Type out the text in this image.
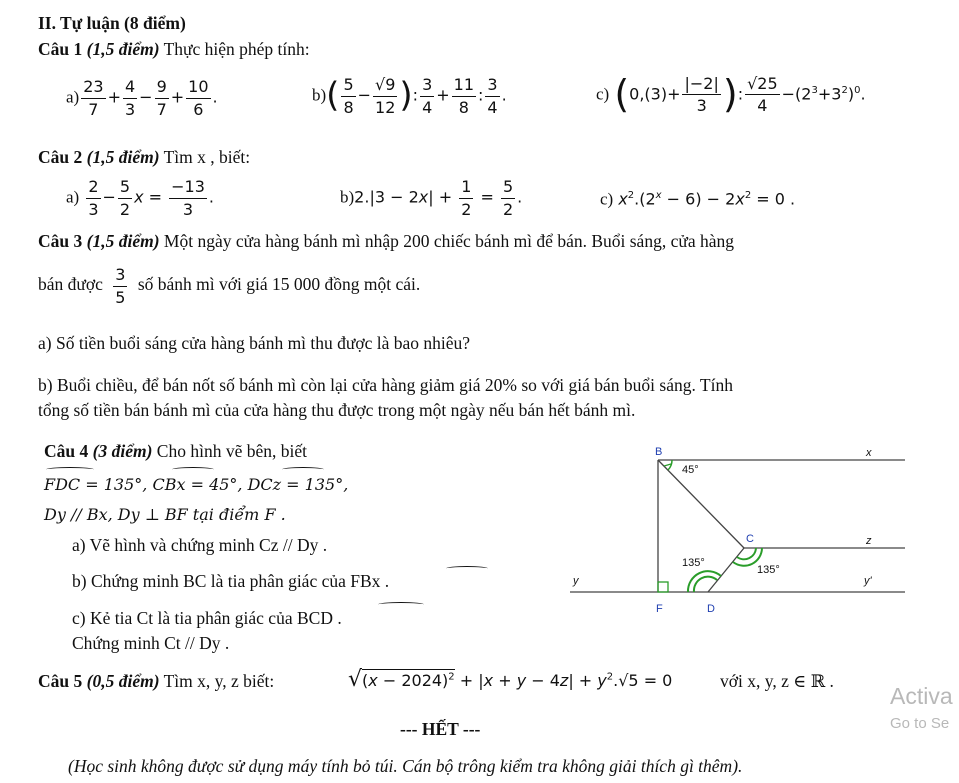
II. Tự luận (8 điểm)
Câu 1 (1,5 điểm) Thực hiện phép tính:
$a) \frac{23}{7} + \frac{4}{3} - \frac{9}{7} + \frac{10}{6}$ .	$b)( \frac{5}{8} - \frac{√9}{12}$ ): $\frac{3}{4} + \frac{11}{8}$ : $\frac{3}{4}$ .	c) ($0,(3)+ \frac{|-2|}{3}$ ): $\frac{√25}{4} -(2^3+3^2)^0$.
Câu 2 (1,5 điểm) Tìm x , biết:
$a) \frac{2}{3} - \frac{5}{2}$ $x = \frac{-13}{3}$ .	$b)2.|3 - 2x| + \frac{1}{2} = \frac{5}{2}$ .	c) $x^2.(2^x - 6) - 2x^2 = 0$ .
Câu 3 (1,5 điểm) Một ngày cửa hàng bánh mì nhập 200 chiếc bánh mì để bán. Buổi sáng, cửa hàng
bán được $\frac{3}{5}$ số bánh mì với giá 15 000 đồng một cái.
a) Số tiền buổi sáng cửa hàng bánh mì thu được là bao nhiêu?
b) Buổi chiều, để bán nốt số bánh mì còn lại cửa hàng giảm giá 20% so với giá bán buổi sáng. Tính
tổng số tiền bán bánh mì của cửa hàng thu được trong một ngày nếu bán hết bánh mì.
Câu 4 (3 điểm) Cho hình vẽ bên, biết
FDC = 135°, CBx = 45°, DCz = 135°,
Dy // Bx, Dy ⊥ BF tại điểm F .
a) Vẽ hình và chứng minh Cz // Dy .
b) Chứng minh BC là tia phân giác của FBx .
c) Kẻ tia Ct là tia phân giác của BCD .
Chứng minh Ct // Dy .
B
C
F	D
x
z
y	y'
45°
135°
135°
Câu 5 (0,5 điểm) Tìm x, y, z biết:	$√(x - 2024)^2 + |x + y - 4z| + y^2.√5 = 0$	với x, y, z ∈ ℝ .
Activa
Go to Se
--- HẾT ---
(Học sinh không được sử dụng máy tính bỏ túi. Cán bộ trông kiểm tra không giải thích gì thêm).
